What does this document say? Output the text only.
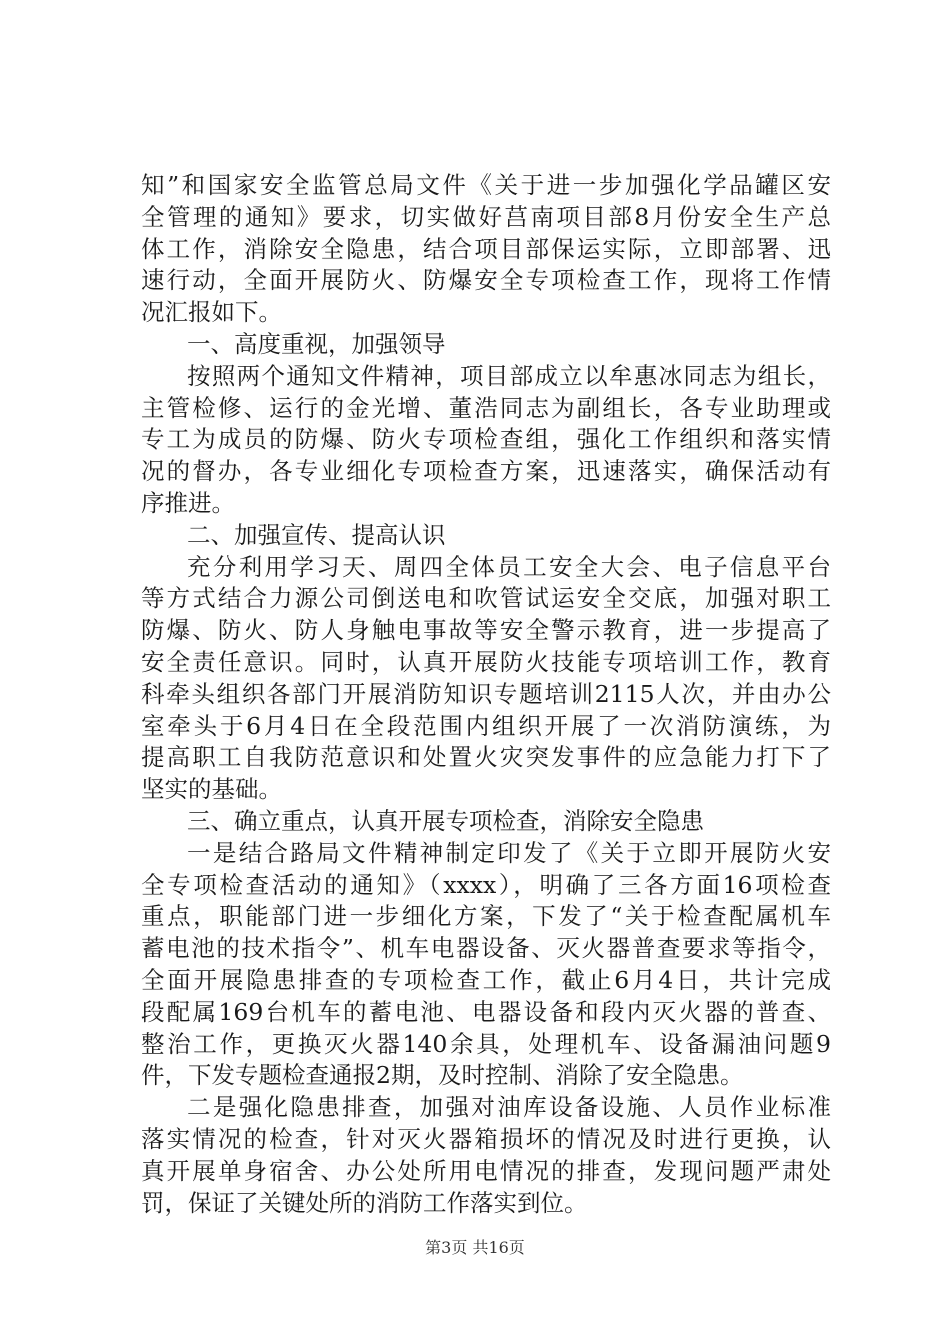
知”和国家安全监管总局文件《关于进一步加强化学品罐区安
全管理的通知》要求，切实做好莒南项目部8月份安全生产总
体工作，消除安全隐患，结合项目部保运实际，立即部署、迅
速行动，全面开展防火、防爆安全专项检查工作，现将工作情
况汇报如下。
一、高度重视，加强领导
按照两个通知文件精神，项目部成立以牟惠冰同志为组长，
主管检修、运行的金光增、董浩同志为副组长，各专业助理或
专工为成员的防爆、防火专项检查组，强化工作组织和落实情
况的督办，各专业细化专项检查方案，迅速落实，确保活动有
序推进。
二、加强宣传、提高认识
充分利用学习天、周四全体员工安全大会、电子信息平台
等方式结合力源公司倒送电和吹管试运安全交底，加强对职工
防爆、防火、防人身触电事故等安全警示教育，进一步提高了
安全责任意识。同时，认真开展防火技能专项培训工作，教育
科牵头组织各部门开展消防知识专题培训2115人次，并由办公
室牵头于6月4日在全段范围内组织开展了一次消防演练，为
提高职工自我防范意识和处置火灾突发事件的应急能力打下了
坚实的基础。
三、确立重点，认真开展专项检查，消除安全隐患
一是结合路局文件精神制定印发了《关于立即开展防火安
全专项检查活动的通知》（xxxx），明确了三各方面16项检查
重点，职能部门进一步细化方案，下发了“关于检查配属机车
蓄电池的技术指令”、机车电器设备、灭火器普查要求等指令，
全面开展隐患排查的专项检查工作，截止6月4日，共计完成
段配属169台机车的蓄电池、电器设备和段内灭火器的普查、
整治工作，更换灭火器140余具，处理机车、设备漏油问题9
件，下发专题检查通报2期，及时控制、消除了安全隐患。
二是强化隐患排查，加强对油库设备设施、人员作业标准
落实情况的检查，针对灭火器箱损坏的情况及时进行更换，认
第3页 共16页
真开展单身宿舍、办公处所用电情况的排查，发现问题严肃处
罚，保证了关键处所的消防工作落实到位。
